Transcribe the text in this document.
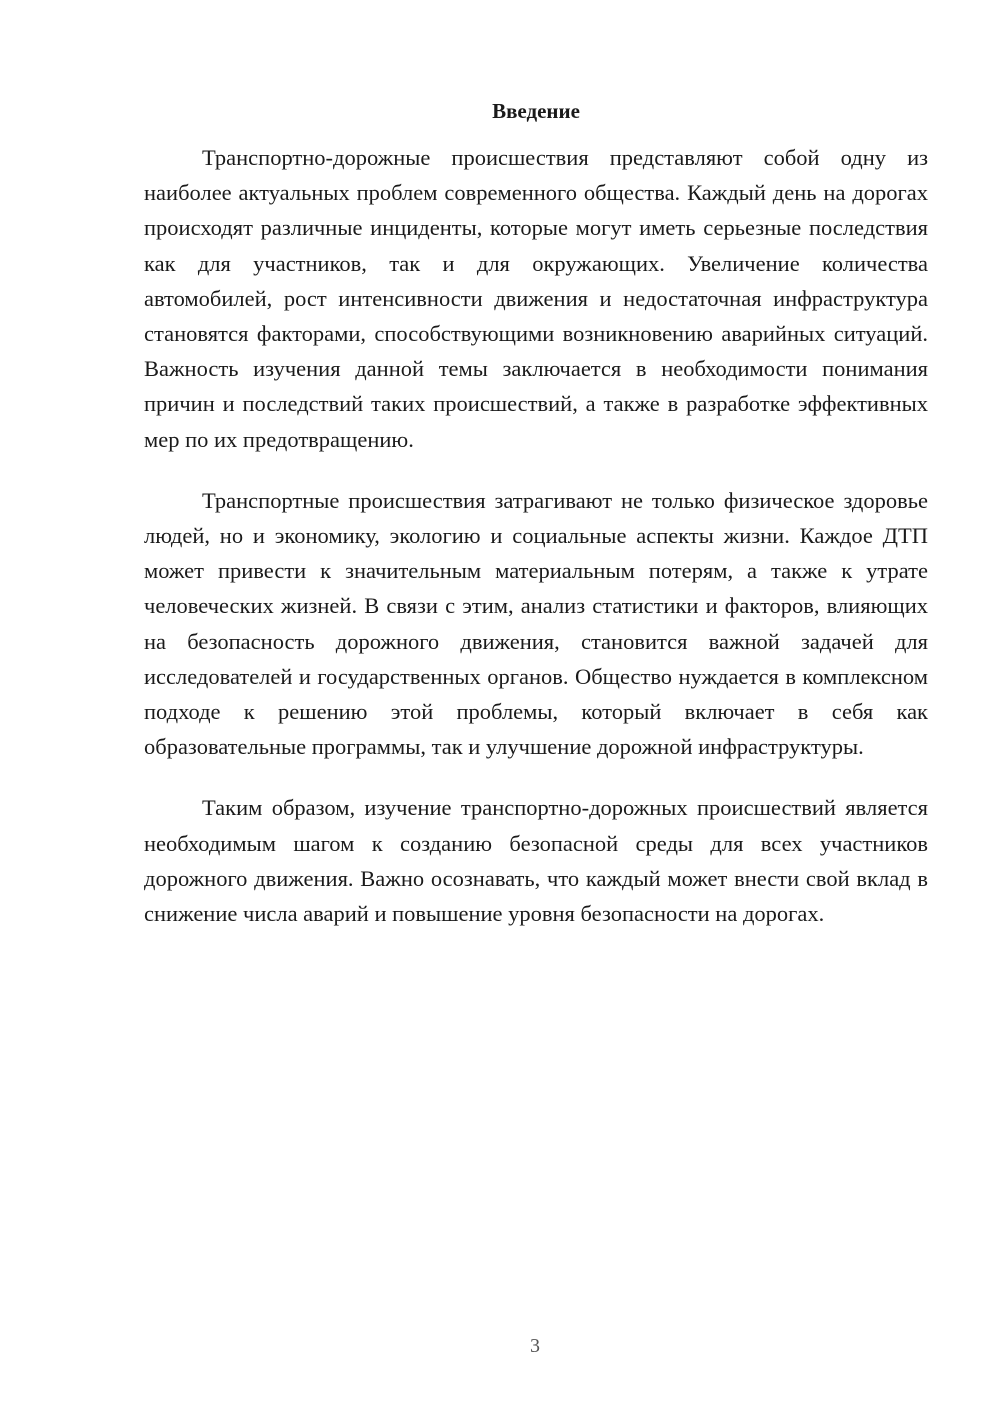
Введение

Транспортно-дорожные происшествия представляют собой одну из наиболее актуальных проблем современного общества. Каждый день на дорогах происходят различные инциденты, которые могут иметь серьезные последствия как для участников, так и для окружающих. Увеличение количества автомобилей, рост интенсивности движения и недостаточная инфраструктура становятся факторами, способствующими возникновению аварийных ситуаций. Важность изучения данной темы заключается в необходимости понимания причин и последствий таких происшествий, а также в разработке эффективных мер по их предотвращению.

Транспортные происшествия затрагивают не только физическое здоровье людей, но и экономику, экологию и социальные аспекты жизни. Каждое ДТП может привести к значительным материальным потерям, а также к утрате человеческих жизней. В связи с этим, анализ статистики и факторов, влияющих на безопасность дорожного движения, становится важной задачей для исследователей и государственных органов. Общество нуждается в комплексном подходе к решению этой проблемы, который включает в себя как образовательные программы, так и улучшение дорожной инфраструктуры.

Таким образом, изучение транспортно-дорожных происшествий является необходимым шагом к созданию безопасной среды для всех участников дорожного движения. Важно осознавать, что каждый может внести свой вклад в снижение числа аварий и повышение уровня безопасности на дорогах.

3
